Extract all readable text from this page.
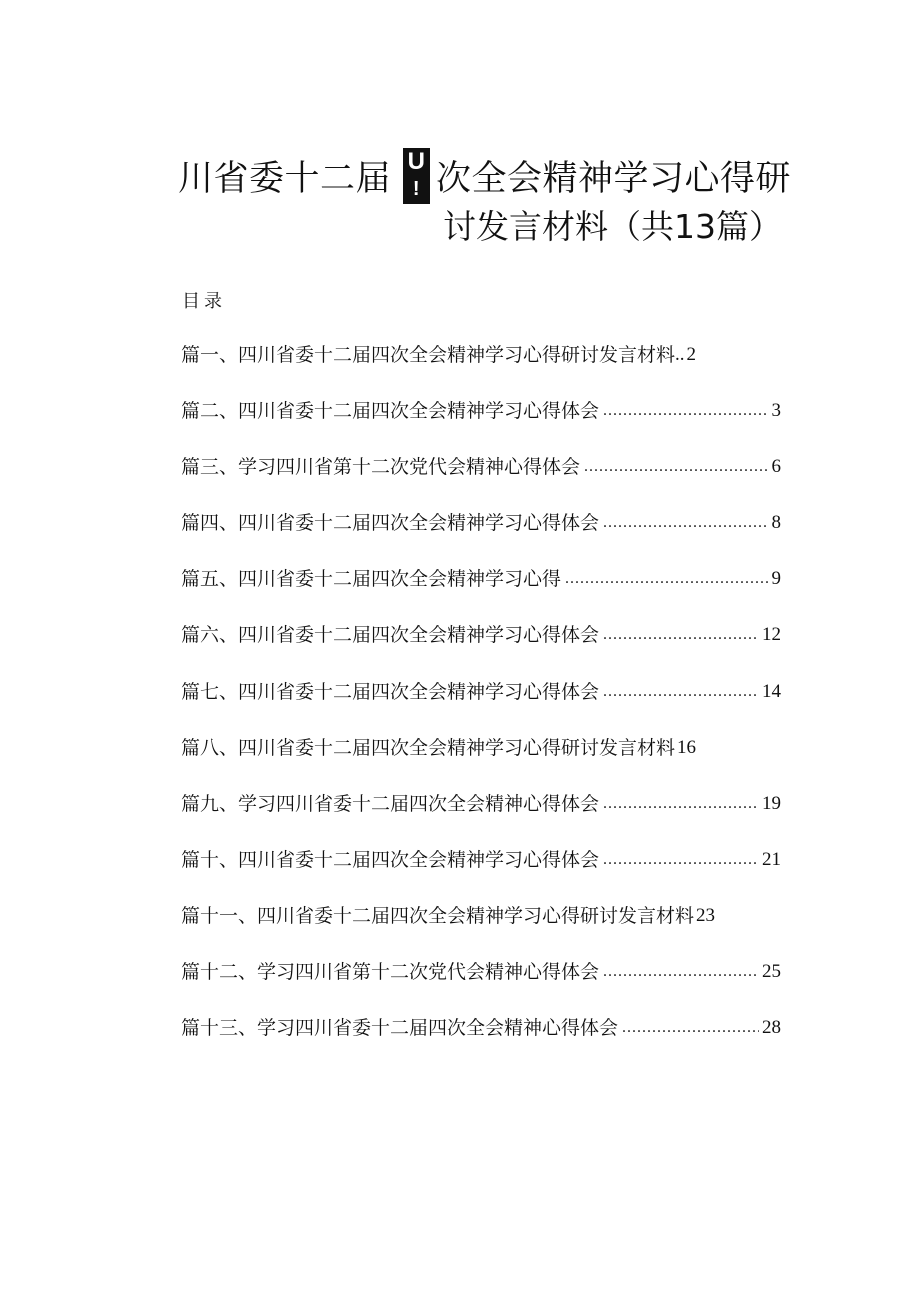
川省委十二届 U
! 次全会精神学习心得研
讨发言材料（共13篇）
目录
篇一、四川省委十二届四次全会精神学习心得研讨发言材料 .. 2
篇二、四川省委十二届四次全会精神学习心得体会 .....	3
篇三、学习四川省第十二次党代会精神心得体会 .....	6
篇四、四川省委十二届四次全会精神学习心得体会 .....	8
篇五、四川省委十二届四次全会精神学习心得 .....	9
篇六、四川省委十二届四次全会精神学习心得体会 .....	12
篇七、四川省委十二届四次全会精神学习心得体会 .....	14
篇八、四川省委十二届四次全会精神学习心得研讨发言材料 16
篇九、学习四川省委十二届四次全会精神心得体会 .....	19
篇十、四川省委十二届四次全会精神学习心得体会 .....	21
篇十一、四川省委十二届四次全会精神学习心得研讨发言材料 23
篇十二、学习四川省第十二次党代会精神心得体会 .....	25
篇十三、学习四川省委十二届四次全会精神心得体会 .....	28
